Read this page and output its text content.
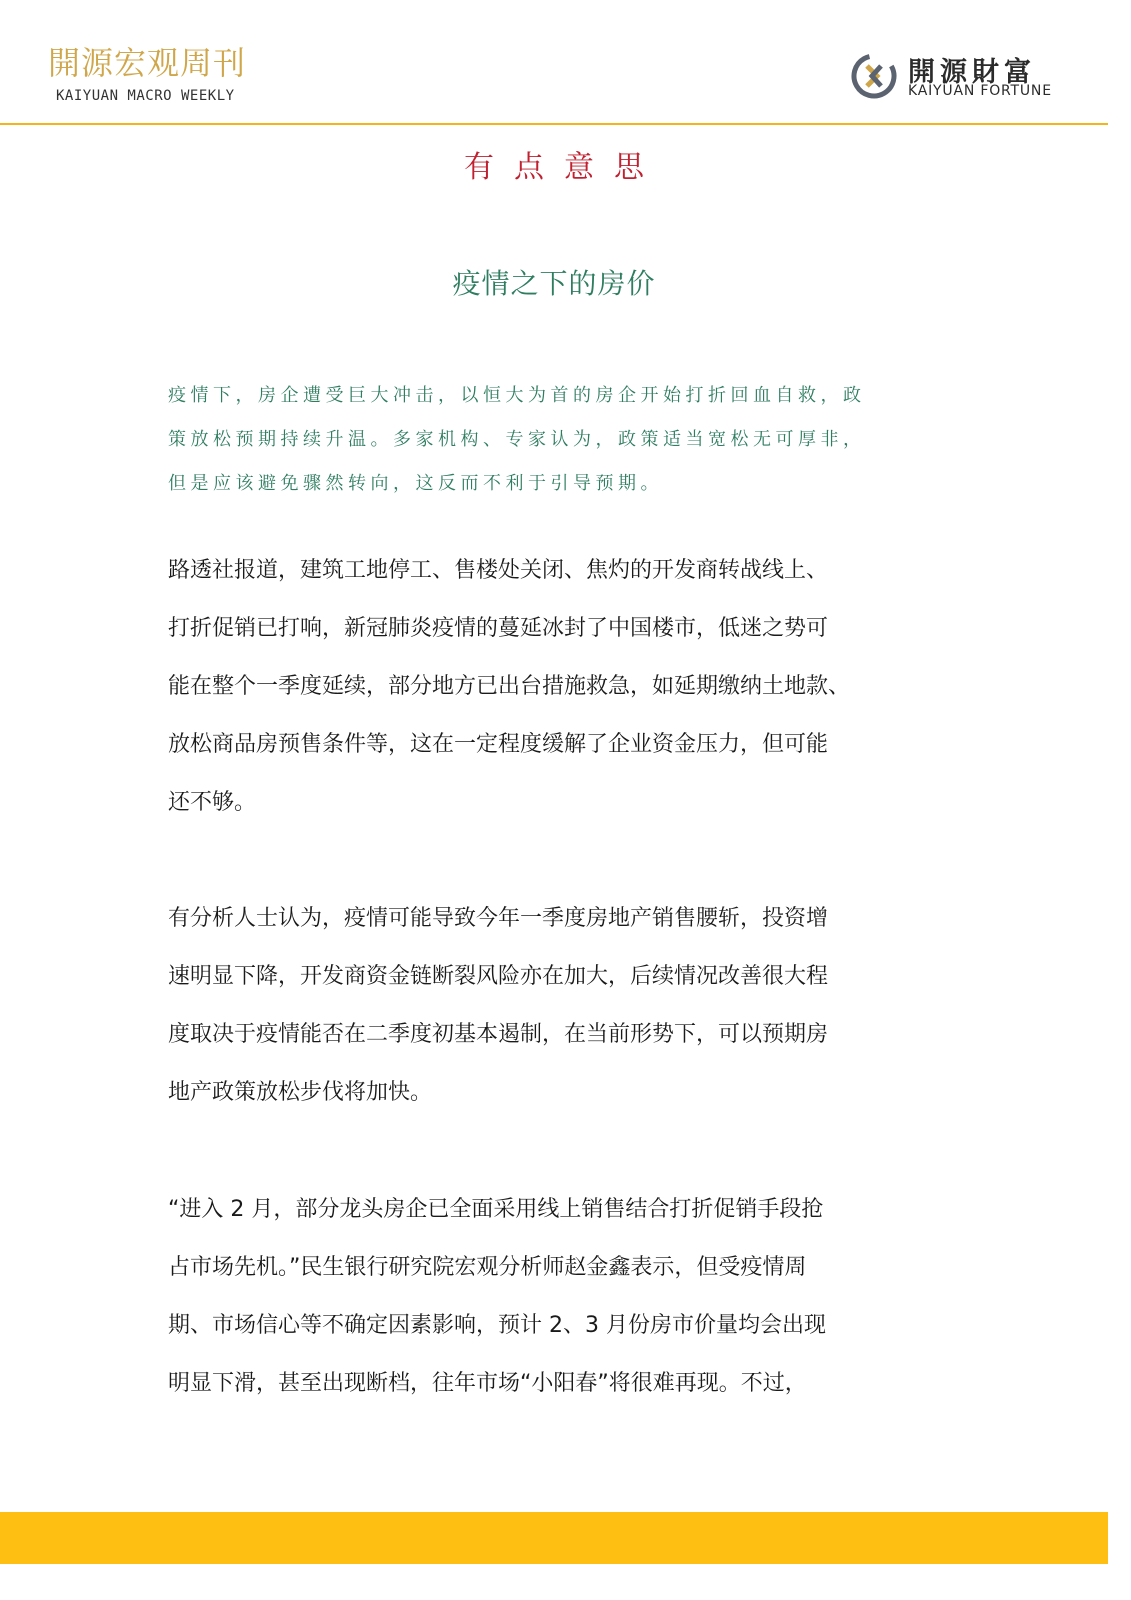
開源宏观周刊
KAIYUAN MACRO WEEKLY
開源財富
KAIYUAN FORTUNE
有点意思
疫情之下的房价
疫情下，房企遭受巨大冲击，以恒大为首的房企开始打折回血自救，政
策放松预期持续升温。多家机构、专家认为，政策适当宽松无可厚非，
但是应该避免骤然转向，这反而不利于引导预期。
路透社报道，建筑工地停工、售楼处关闭、焦灼的开发商转战线上、
打折促销已打响，新冠肺炎疫情的蔓延冰封了中国楼市，低迷之势可
能在整个一季度延续，部分地方已出台措施救急，如延期缴纳土地款、
放松商品房预售条件等，这在一定程度缓解了企业资金压力，但可能
还不够。
有分析人士认为，疫情可能导致今年一季度房地产销售腰斩，投资增
速明显下降，开发商资金链断裂风险亦在加大，后续情况改善很大程
度取决于疫情能否在二季度初基本遏制，在当前形势下，可以预期房
地产政策放松步伐将加快。
“进入 2 月，部分龙头房企已全面采用线上销售结合打折促销手段抢
占市场先机。”民生银行研究院宏观分析师赵金鑫表示，但受疫情周
期、市场信心等不确定因素影响，预计 2、3 月份房市价量均会出现
明显下滑，甚至出现断档，往年市场“小阳春”将很难再现。不过，
